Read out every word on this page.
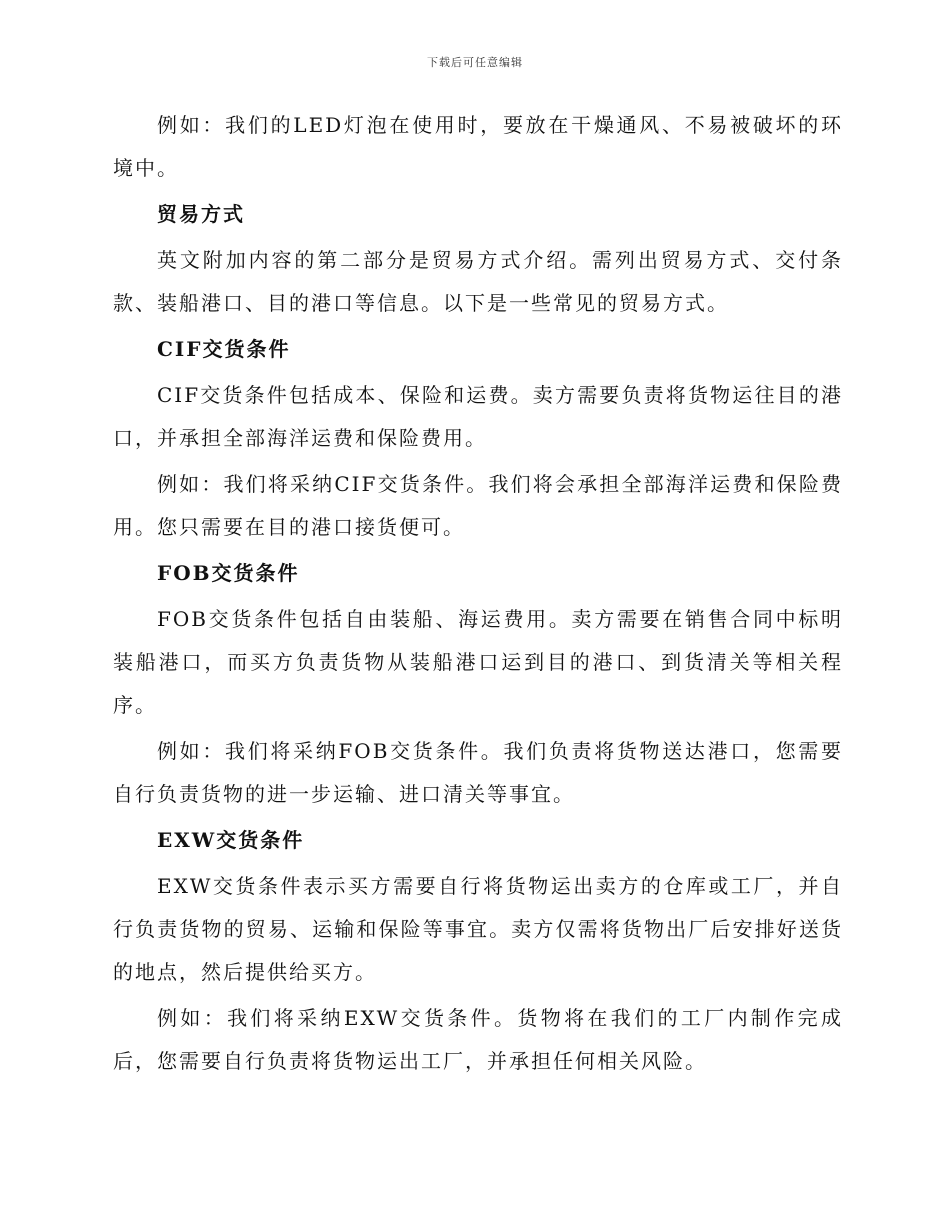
下载后可任意编辑

例如：我们的LED灯泡在使用时，要放在干燥通风、不易被破坏的环境中。

贸易方式

英文附加内容的第二部分是贸易方式介绍。需列出贸易方式、交付条款、装船港口、目的港口等信息。以下是一些常见的贸易方式。

CIF交货条件

CIF交货条件包括成本、保险和运费。卖方需要负责将货物运往目的港口，并承担全部海洋运费和保险费用。

例如：我们将采纳CIF交货条件。我们将会承担全部海洋运费和保险费用。您只需要在目的港口接货便可。

FOB交货条件

FOB交货条件包括自由装船、海运费用。卖方需要在销售合同中标明装船港口，而买方负责货物从装船港口运到目的港口、到货清关等相关程序。

例如：我们将采纳FOB交货条件。我们负责将货物送达港口，您需要自行负责货物的进一步运输、进口清关等事宜。

EXW交货条件

EXW交货条件表示买方需要自行将货物运出卖方的仓库或工厂，并自行负责货物的贸易、运输和保险等事宜。卖方仅需将货物出厂后安排好送货的地点，然后提供给买方。

例如：我们将采纳EXW交货条件。货物将在我们的工厂内制作完成后，您需要自行负责将货物运出工厂，并承担任何相关风险。
